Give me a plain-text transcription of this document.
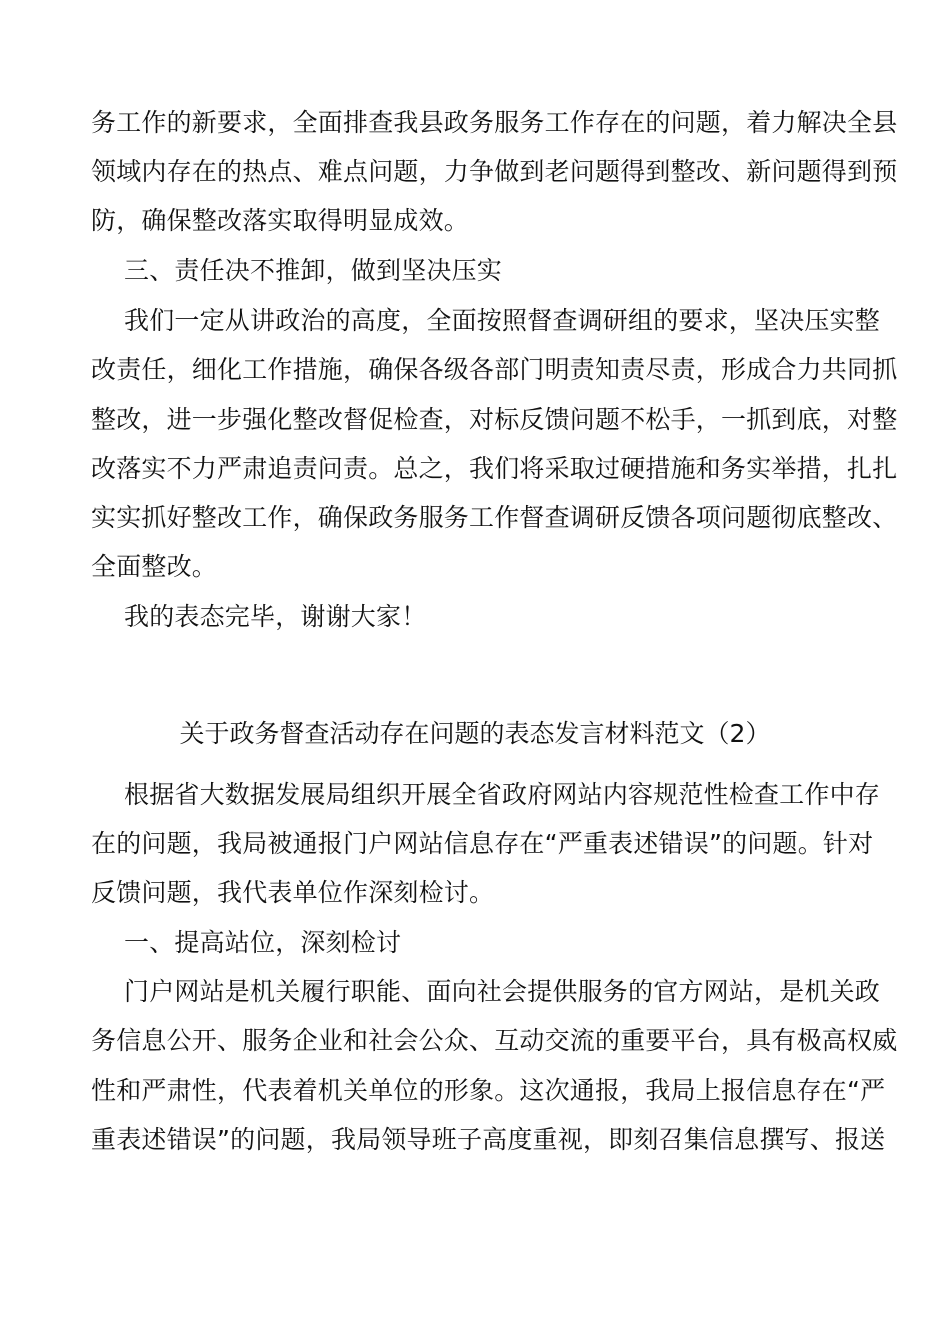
务工作的新要求，全面排查我县政务服务工作存在的问题，着力解决全县
领域内存在的热点、难点问题，力争做到老问题得到整改、新问题得到预
防，确保整改落实取得明显成效。
三、责任决不推卸，做到坚决压实
我们一定从讲政治的高度，全面按照督查调研组的要求，坚决压实整
改责任，细化工作措施，确保各级各部门明责知责尽责，形成合力共同抓
整改，进一步强化整改督促检查，对标反馈问题不松手，一抓到底，对整
改落实不力严肃追责问责。总之，我们将采取过硬措施和务实举措，扎扎
实实抓好整改工作，确保政务服务工作督查调研反馈各项问题彻底整改、
全面整改。
我的表态完毕，谢谢大家！
关于政务督查活动存在问题的表态发言材料范文（2）
根据省大数据发展局组织开展全省政府网站内容规范性检查工作中存
在的问题，我局被通报门户网站信息存在“严重表述错误”的问题。针对
反馈问题，我代表单位作深刻检讨。
一、提高站位，深刻检讨
门户网站是机关履行职能、面向社会提供服务的官方网站，是机关政
务信息公开、服务企业和社会公众、互动交流的重要平台，具有极高权威
性和严肃性，代表着机关单位的形象。这次通报，我局上报信息存在“严
重表述错误”的问题，我局领导班子高度重视，即刻召集信息撰写、报送
